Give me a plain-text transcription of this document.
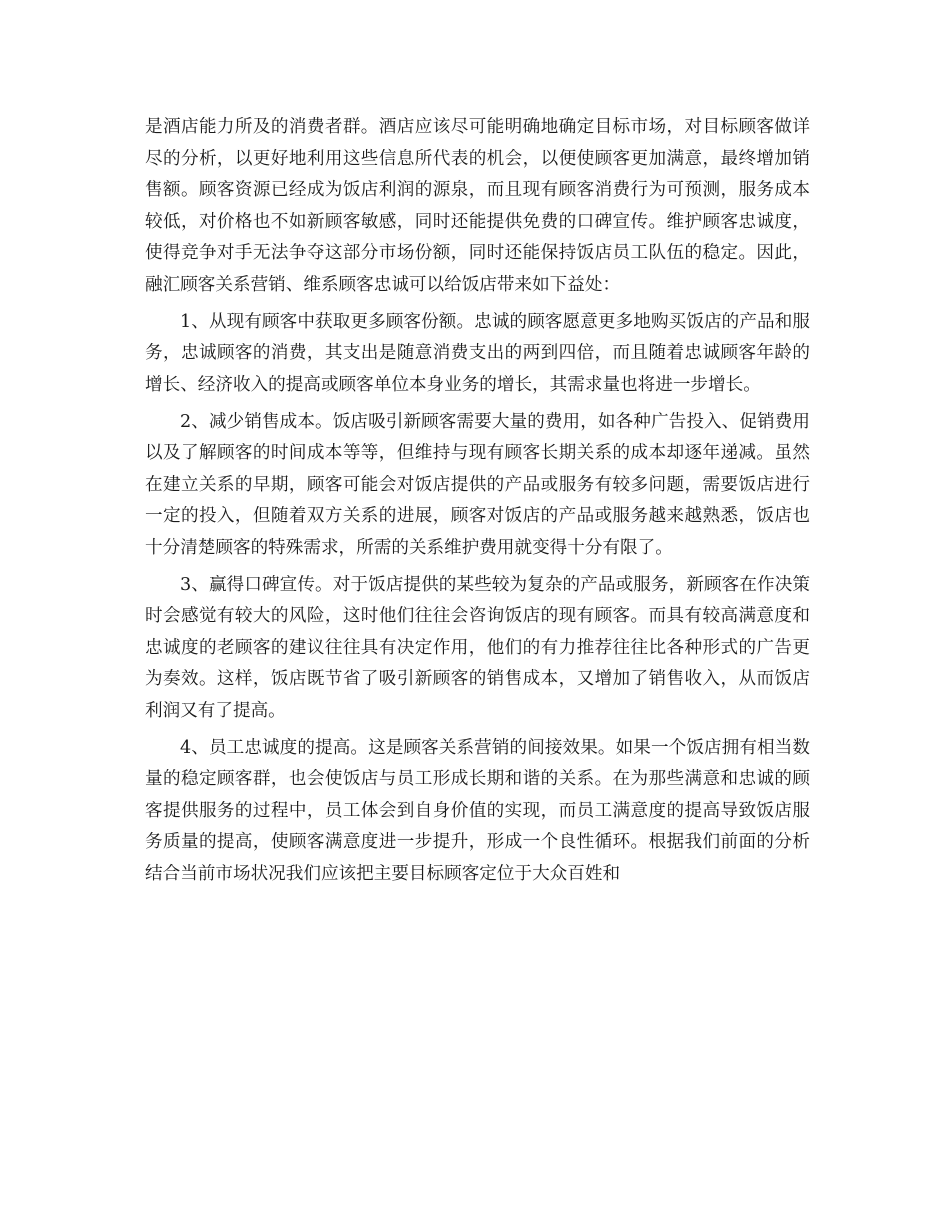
是酒店能力所及的消费者群。酒店应该尽可能明确地确定目标市场，对目标顾客做详尽的分析，以更好地利用这些信息所代表的机会，以便使顾客更加满意，最终增加销售额。顾客资源已经成为饭店利润的源泉，而且现有顾客消费行为可预测，服务成本较低，对价格也不如新顾客敏感，同时还能提供免费的口碑宣传。维护顾客忠诚度，使得竞争对手无法争夺这部分市场份额，同时还能保持饭店员工队伍的稳定。因此，融汇顾客关系营销、维系顾客忠诚可以给饭店带来如下益处：

1、从现有顾客中获取更多顾客份额。忠诚的顾客愿意更多地购买饭店的产品和服务，忠诚顾客的消费，其支出是随意消费支出的两到四倍，而且随着忠诚顾客年龄的增长、经济收入的提高或顾客单位本身业务的增长，其需求量也将进一步增长。

2、减少销售成本。饭店吸引新顾客需要大量的费用，如各种广告投入、促销费用以及了解顾客的时间成本等等，但维持与现有顾客长期关系的成本却逐年递减。虽然在建立关系的早期，顾客可能会对饭店提供的产品或服务有较多问题，需要饭店进行一定的投入，但随着双方关系的进展，顾客对饭店的产品或服务越来越熟悉，饭店也十分清楚顾客的特殊需求，所需的关系维护费用就变得十分有限了。

3、赢得口碑宣传。对于饭店提供的某些较为复杂的产品或服务，新顾客在作决策时会感觉有较大的风险，这时他们往往会咨询饭店的现有顾客。而具有较高满意度和忠诚度的老顾客的建议往往具有决定作用，他们的有力推荐往往比各种形式的广告更为奏效。这样，饭店既节省了吸引新顾客的销售成本，又增加了销售收入，从而饭店利润又有了提高。

4、员工忠诚度的提高。这是顾客关系营销的间接效果。如果一个饭店拥有相当数量的稳定顾客群，也会使饭店与员工形成长期和谐的关系。在为那些满意和忠诚的顾客提供服务的过程中，员工体会到自身价值的实现，而员工满意度的提高导致饭店服务质量的提高，使顾客满意度进一步提升，形成一个良性循环。根据我们前面的分析结合当前市场状况我们应该把主要目标顾客定位于大众百姓和
